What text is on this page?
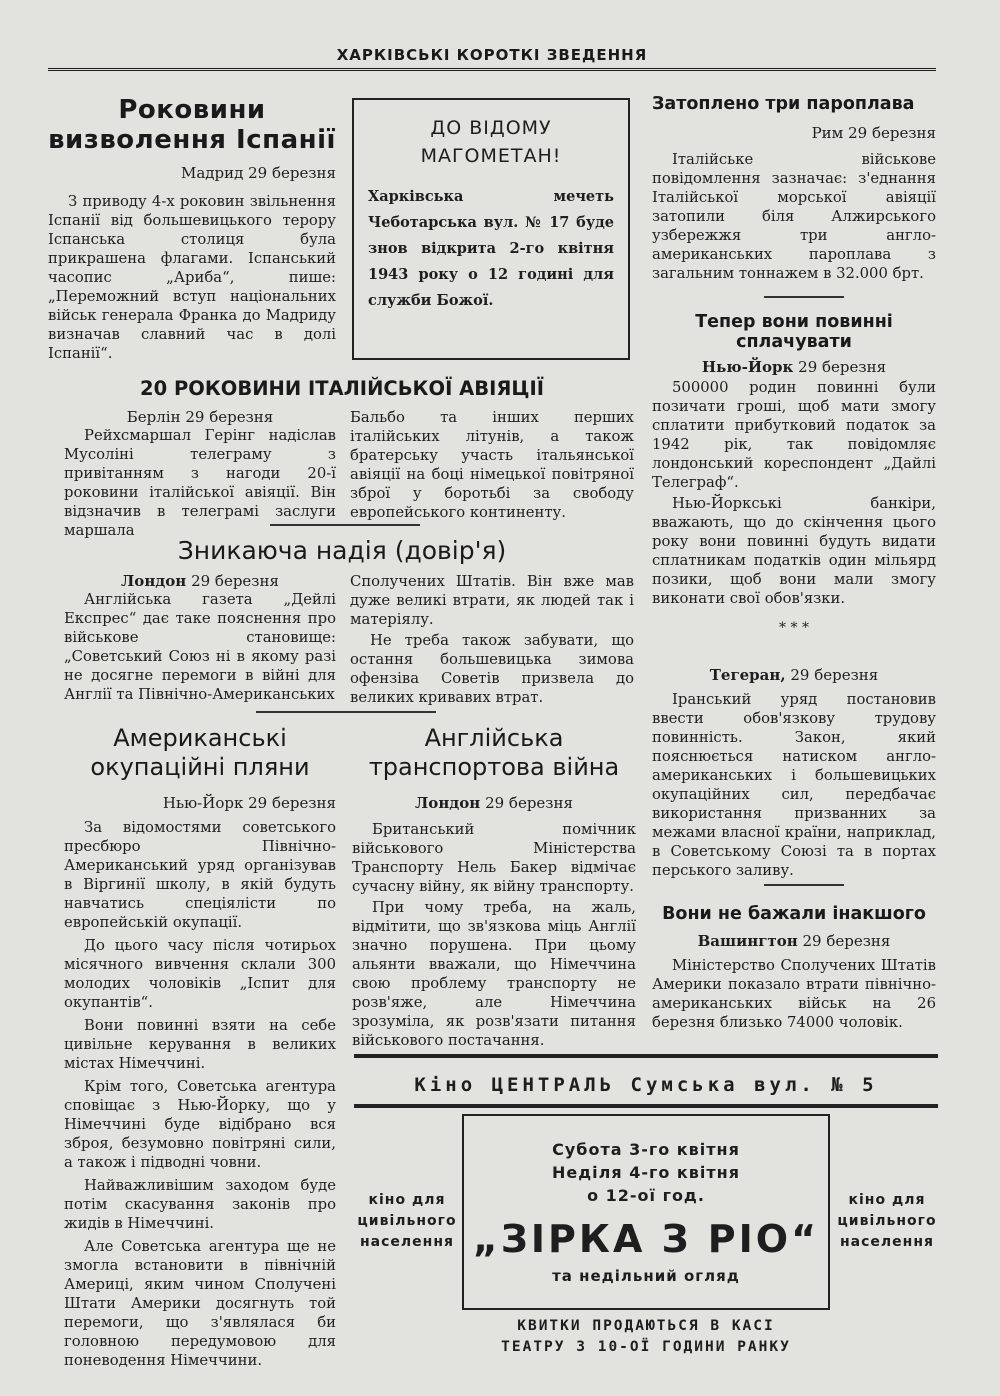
ХАРКІВСЬКІ КОРОТКІ ЗВЕДЕННЯ
Роковини визволення Іспанії
Мадрид 29 березня

З приводу 4-х роковин звільнення Іспанії від большевицького терору Іспанська столиця була прикрашена флагами. Іспанський часопис „Ариба“, пише: „Переможний вступ національних військ генерала Франка до Мадриду визначав славний час в долі Іспанії“.

ДО ВІДОМУ МАГОМЕТАН!
Харківська мечеть Чеботарська вул. № 17 буде знов відкрита 2-го квітня 1943 року о 12 годині для служби Божої.
20 РОКОВИНИ ІТАЛІЙСЬКОЇ АВІЯЦІЇ
Берлін 29 березня

Рейхсмаршал Герінг надіслав Мусоліні телеграму з привітанням з нагоди 20-ї роковини італійської авіяції. Він відзначив в телеграмі заслуги маршала

Бальбо та інших перших італійських літунів, а також братерську участь італьянської авіяції на боці німецької повітряної зброї у боротьбі за свободу европейського континенту.

Зникаюча надія (довір'я)
Лондон 29 березня

Англійська газета „Дейлі Експрес“ дає таке пояснення про військове становище: „Советський Союз ні в якому разі не досягне перемоги в війні для Англії та Північно-Американських

Сполучених Штатів. Він вже мав дуже великі втрати, як людей так і матеріялу.

Не треба також забувати, що остання большевицька зимова офензіва Советів призвела до великих кривавих втрат.

Американські окупаційні пляни
Нью-Йорк 29 березня

За відомостями советського пресбюро Північно-Американський уряд організував в Віргинії школу, в якій будуть навчатись спеціялісти по европейській окупації.

До цього часу після чотирьох місячного вивчення склали 300 молодих чоловіків „Іспит для окупантів“.

Вони повинні взяти на себе цивільне керування в великих містах Німеччині.

Крім того, Советська агентура сповіщає з Нью-Йорку, що у Німеччині буде відібрано вся зброя, безумовно повітряні сили, а також і підводні човни.

Найважливішим заходом буде потім скасування законів про жидів в Німеччині.

Але Советська агентура ще не змогла встановити в північній Америці, яким чином Сполучені Штати Америки досягнуть той перемоги, що з'являлася би головною передумовою для поневодення Німеччини.

Англійська транспортова війна
Лондон 29 березня

Британський помічник військового Міністерства Транспорту Нель Бакер відмічає сучасну війну, як війну транспорту.

При чому треба, на жаль, відмітити, що зв'язкова міць Англії значно порушена. При цьому альянти вважали, що Німеччина свою проблему транспорту не розв'яже, але Німеччина зрозуміла, як розв'язати питання військового постачання.

Затоплено три пароплава
Рим 29 березня

Італійське військове повідомлення зазначає: з'еднання Італійської морської авіяції затопили біля Алжирського узбережжя три англо-американських пароплава з загальним тоннажем в 32.000 брт.

Тепер вони повинні сплачувати
Нью-Йорк 29 березня

500000 родин повинні були позичати гроші, щоб мати змогу сплатити прибутковий податок за 1942 рік, так повідомляє лондонський кореспондент „Дайлі Телеграф“.

Нью-Йоркські банкіри, вважають, що до скінчення цього року вони повинні будуть видати сплатникам податків один мільярд позики, щоб вони мали змогу виконати свої обов'язки.

* * *
Тегеран, 29 березня

Іранський уряд постановив ввести обов'язкову трудову повинність. Закон, який пояснюється натиском англо-американських і большевицьких окупаційних сил, передбачає використання призванних за межами власної країни, наприклад, в Советському Союзі та в портах перського заливу.

Вони не бажали інакшого
Вашингтон 29 березня

Міністерство Сполучених Штатів Америки показало втрати північно-американських військ на 26 березня близько 74000 чоловік.

Кіно ЦЕНТРАЛЬ Сумська вул. № 5
кіно для цивільного населення
кіно для цивільного населення
Субота 3-го квітня
Неділя 4-го квітня
о 12-ої год.
„ЗІРКА З РІО“
та недільний огляд
КВИТКИ ПРОДАЮТЬСЯ В КАСІ
ТЕАТРУ З 10-ОЇ ГОДИНИ РАНКУ
